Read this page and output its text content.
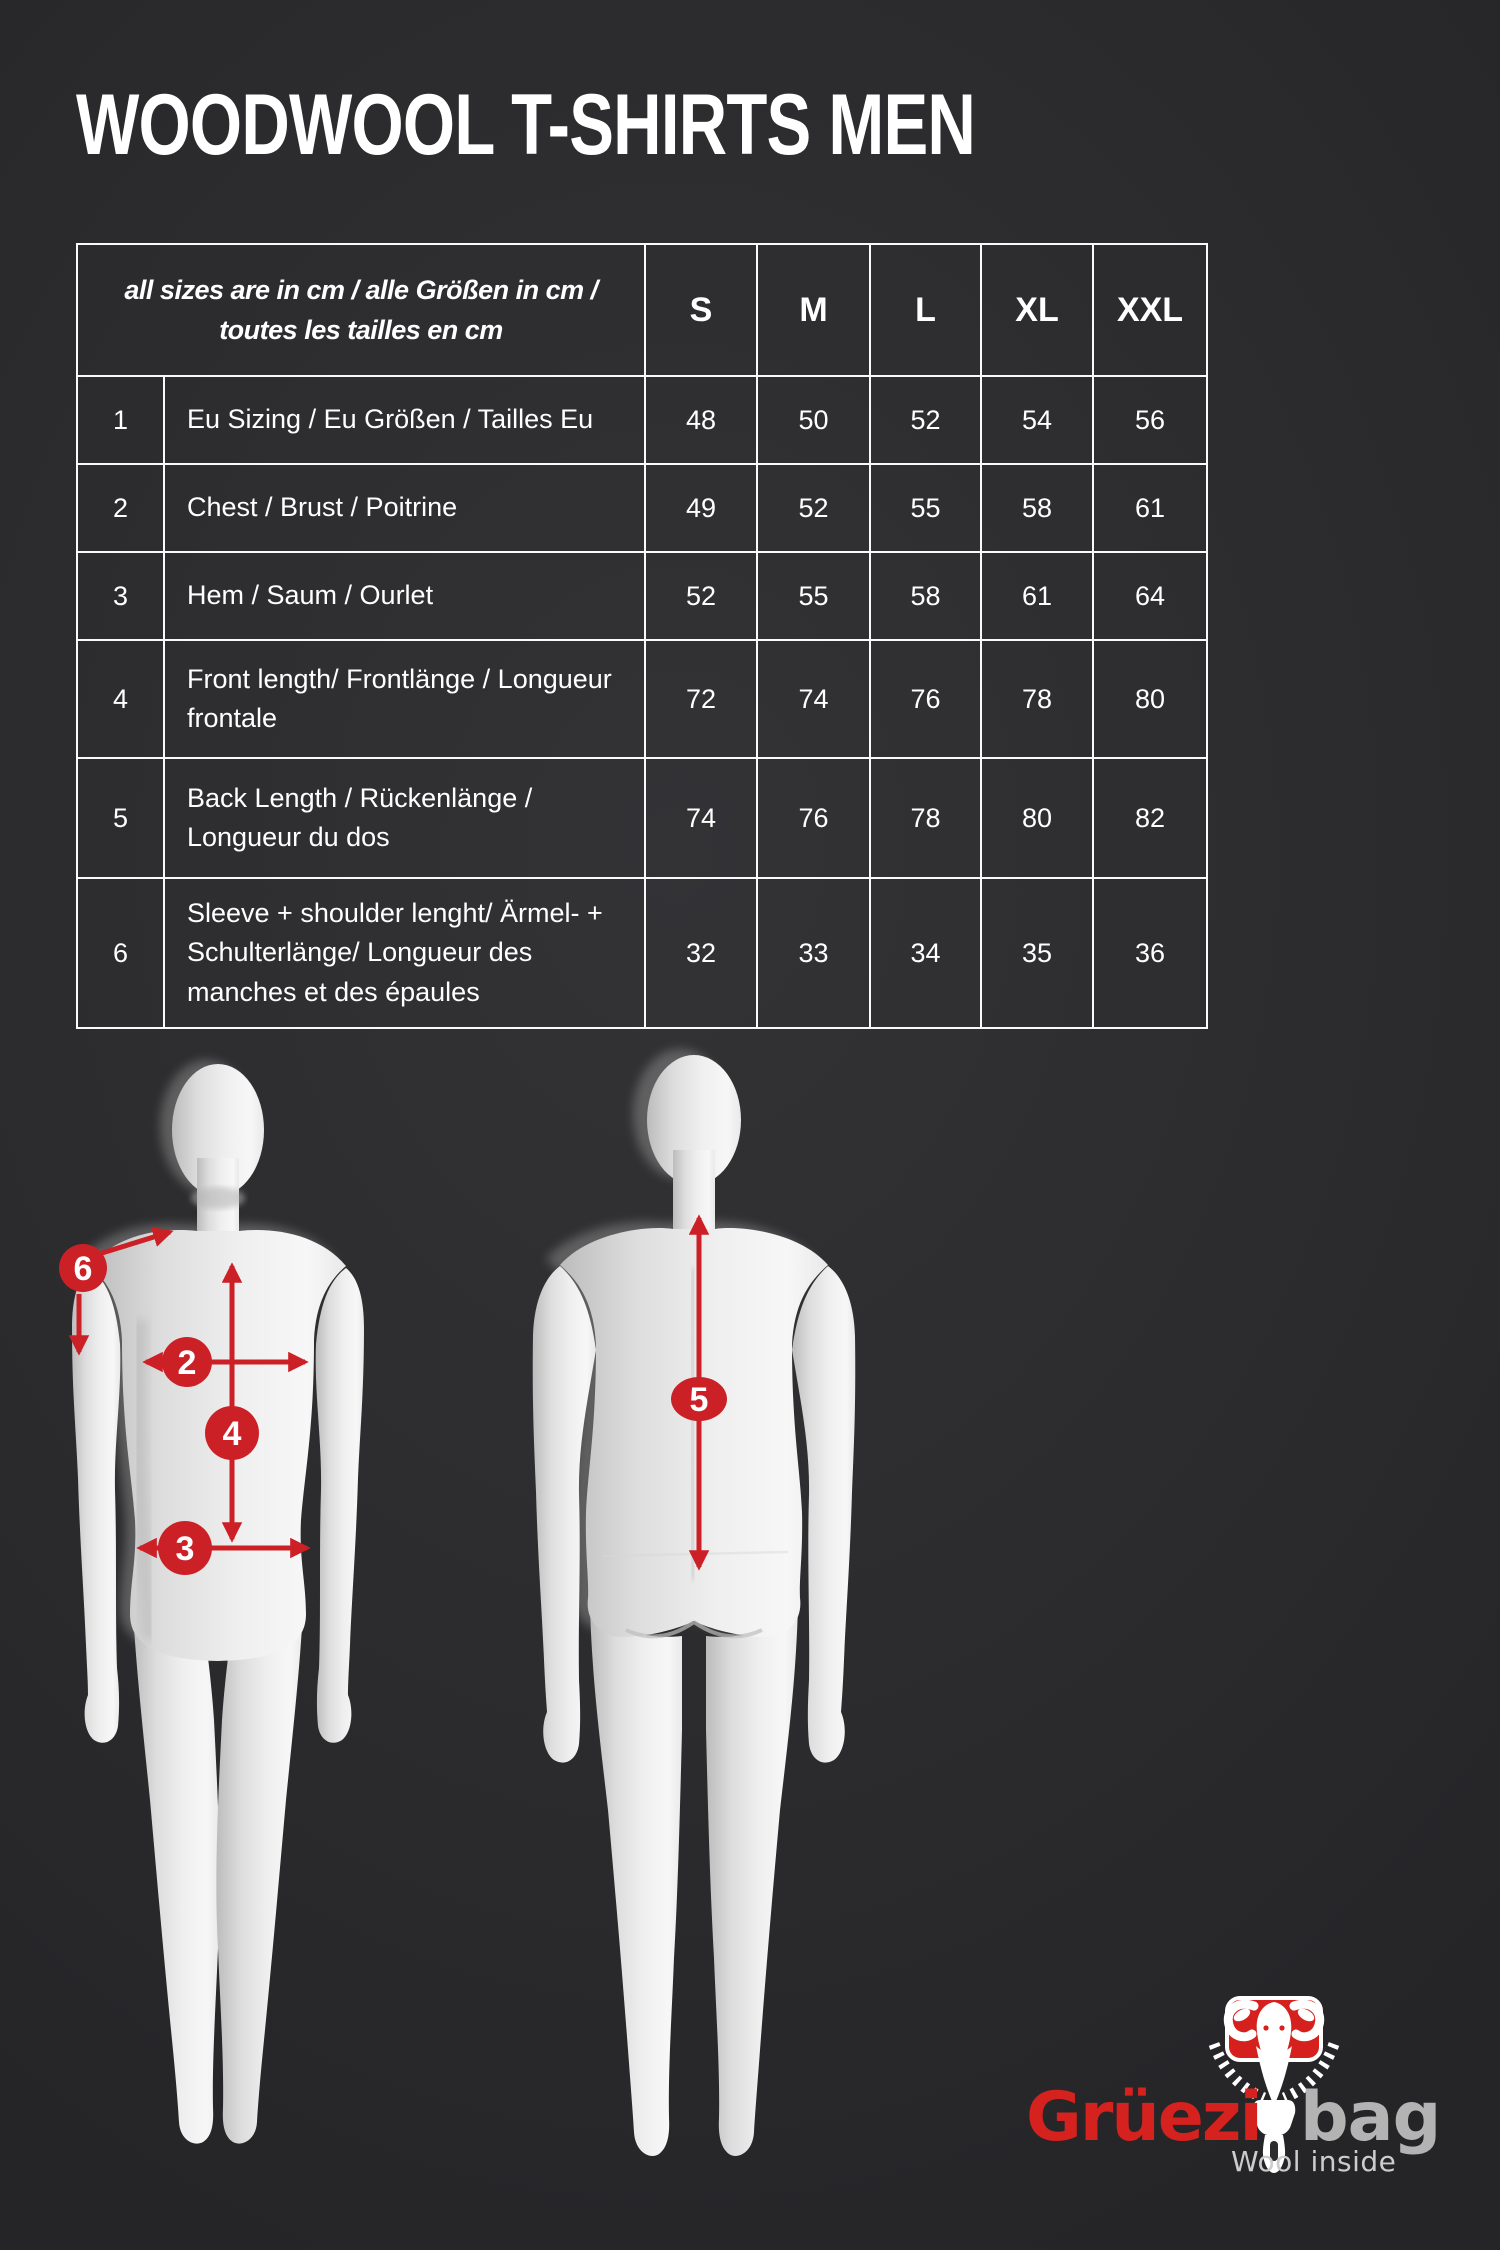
WOODWOOL T-SHIRTS MEN
all sizes are in cm / alle Größen in cm /
toutes les tailles en cm		S	M	L	XL	XXL
1	Eu Sizing / Eu Größen / Tailles Eu	48	50	52	54	56
2	Chest / Brust / Poitrine	49	52	55	58	61
3	Hem / Saum / Ourlet	52	55	58	61	64
4	Front length/ Frontlänge / Longueur frontale	72	74	76	78	80
5	Back Length / Rückenlänge / Longueur du dos	74	76	78	80	82
6	Sleeve + shoulder lenght/ Ärmel- + Schulterlänge/ Longueur des manches et des épaules	32	33	34	35	36
6
2
4
3
5
Grüezi bag
Wool inside
